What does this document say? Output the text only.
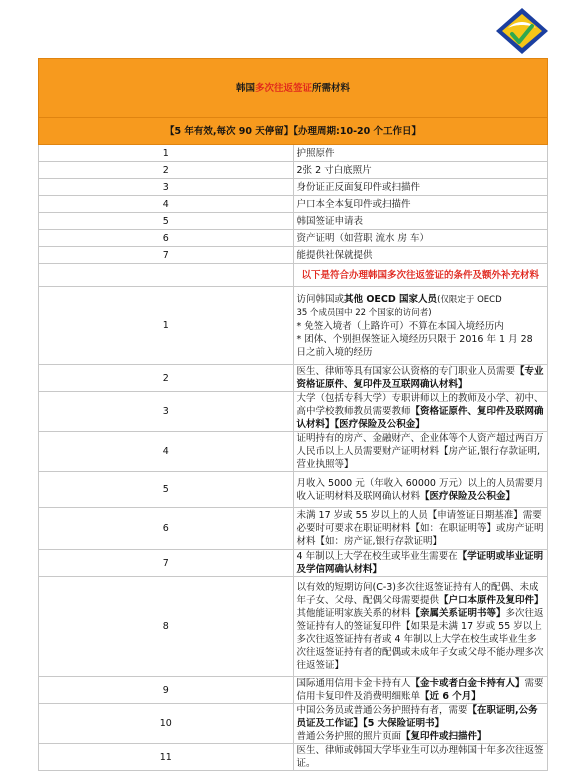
韩国多次往返签证所需材料	
【5 年有效,每次 90 天停留】【办理周期:10-20 个工作日】	
1	护照原件
2	2张 2 寸白底照片
3	身份证正反面复印件或扫描件
4	户口本全本复印件或扫描件
5	韩国签证申请表
6	资产证明（如营职 流水 房 车）
7	能提供社保就提供
	以下是符合办理韩国多次往返签证的条件及额外补充材料
1	访问韩国或其他 OECD 国家人员(仅限定于 OECD
35 个成员国中 22 个国家的访问者)
* 免签入境者（上路许可）不算在本国入境经历内
* 团体、个别担保签证入境经历只限于 2016 年 1 月 28 日之前入境的经历

2	医生、律师等具有国家公认资格的专门职业人员需要【专业资格证原件、复印件及互联网确认材料】
3	大学（包括专科大学）专职讲师以上的教师及小学、初中、高中学校教师教员需要教师【资格证原件、复印件及联网确认材料】【医疗保险及公积金】
4	证明持有的房产、金融财产、企业体等个人资产超过两百万人民币以上人员需要财产证明材料【房产证,银行存款证明,营业执照等】
5	月收入 5000 元（年收入 60000 万元）以上的人员需要月收入证明材料及联网确认材料【医疗保险及公积金】
6	未满 17 岁或 55 岁以上的人员【申请签证日期基准】需要必要时可要求在职证明材料【如：在职证明等】或房产证明材料【如：房产证,银行存款证明】
7	4 年制以上大学在校生或毕业生需要在【学证明或毕业证明及学信网确认材料】
8	以有效的短期访问(C-3)多次往返签证持有人的配偶、未成年子女、父母、配偶父母需要提供【户口本原件及复印件】
其他能证明家族关系的材料【亲属关系证明书等】多次往返签证持有人的签证复印件【如果是未满 17 岁或 55 岁以上多次往返签证持有者或 4 年制以上大学在校生或毕业生多次往返签证持有者的配偶或未成年子女或父母不能办理多次往返签证】
9	国际通用信用卡金卡持有人【金卡或者白金卡持有人】需要信用卡复印件及消费明细账单【近 6 个月】
10	中国公务员或普通公务护照持有者，需要【在职证明,公务员证及工作证】【5 大保险证明书】
普通公务护照的照片页面【复印件或扫描件】
11	医生、律师或韩国大学毕业生可以办理韩国十年多次往返签证。
